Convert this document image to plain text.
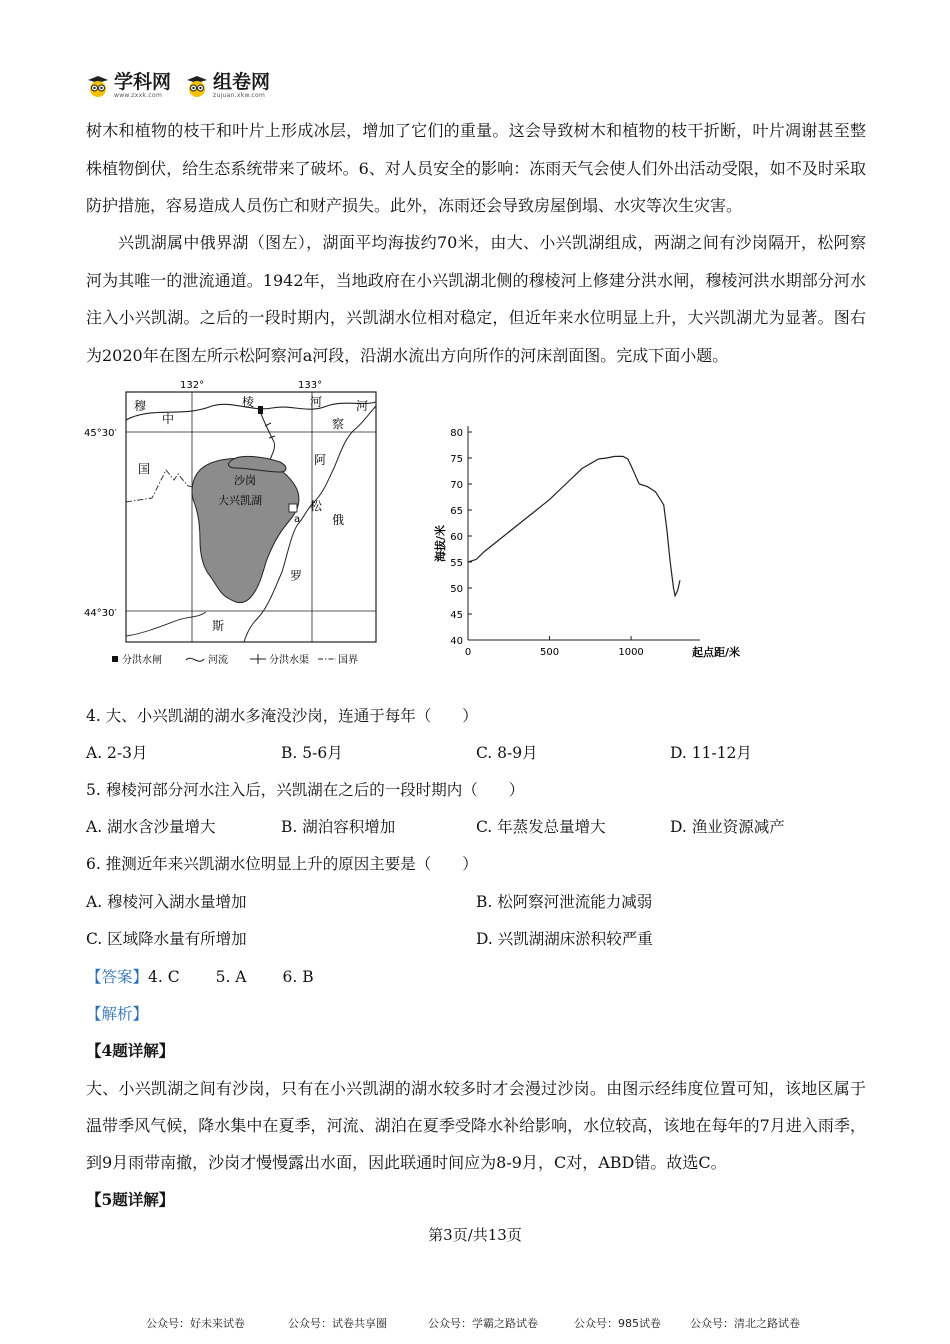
学科网
www.zxxk.com
组卷网
zujuan.xkw.com

树木和植物的枝干和叶片上形成冰层，增加了它们的重量。这会导致树木和植物的枝干折断，叶片凋谢甚至整株植物倒伏，给生态系统带来了破坏。6、对人员安全的影响：冻雨天气会使人们外出活动受限，如不及时采取防护措施，容易造成人员伤亡和财产损失。此外，冻雨还会导致房屋倒塌、水灾等次生灾害。

兴凯湖属中俄界湖（图左），湖面平均海拔约70米，由大、小兴凯湖组成，两湖之间有沙岗隔开，松阿察河为其唯一的泄流通道。1942年，当地政府在小兴凯湖北侧的穆棱河上修建分洪水闸，穆棱河洪水期部分河水注入小兴凯湖。之后的一段时期内，兴凯湖水位相对稳定，但近年来水位明显上升，大兴凯湖尤为显著。图右为2020年在图左所示松阿察河a河段，沿湖水流出方向所作的河床剖面图。完成下面小题。

132°	133°
45°30′
44°30′
穆
中
棱	河	河
察
国
阿
松
俄
罗
斯
沙岗
大兴凯湖
a
分洪水闸	河流	分洪水渠	国界
40
45
50
55
60
65
70
75
80
0	500	1000	起点距/米
海拔/米
4. 大、小兴凯湖的湖水多淹没沙岗，连通于每年（　　）
A. 2-3月	B. 5-6月	C. 8-9月	D. 11-12月
5. 穆棱河部分河水注入后，兴凯湖在之后的一段时期内（　　）
A. 湖水含沙量增大	B. 湖泊容积增加	C. 年蒸发总量增大	D. 渔业资源减产
6. 推测近年来兴凯湖水位明显上升的原因主要是（　　）
A. 穆棱河入湖水量增加	B. 松阿察河泄流能力减弱
C. 区域降水量有所增加	D. 兴凯湖湖床淤积较严重
【答案】4. C 5. A 6. B
【解析】
【4题详解】

大、小兴凯湖之间有沙岗，只有在小兴凯湖的湖水较多时才会漫过沙岗。由图示经纬度位置可知，该地区属于温带季风气候，降水集中在夏季，河流、湖泊在夏季受降水补给影响，水位较高，该地在每年的7月进入雨季，到9月雨带南撤，沙岗才慢慢露出水面，因此联通时间应为8-9月，C对，ABD错。故选C。

【5题详解】
第3页/共13页
公众号：好未来试卷	公众号：试卷共享圈	公众号：学霸之路试卷	公众号：985试卷	公众号：清北之路试卷
